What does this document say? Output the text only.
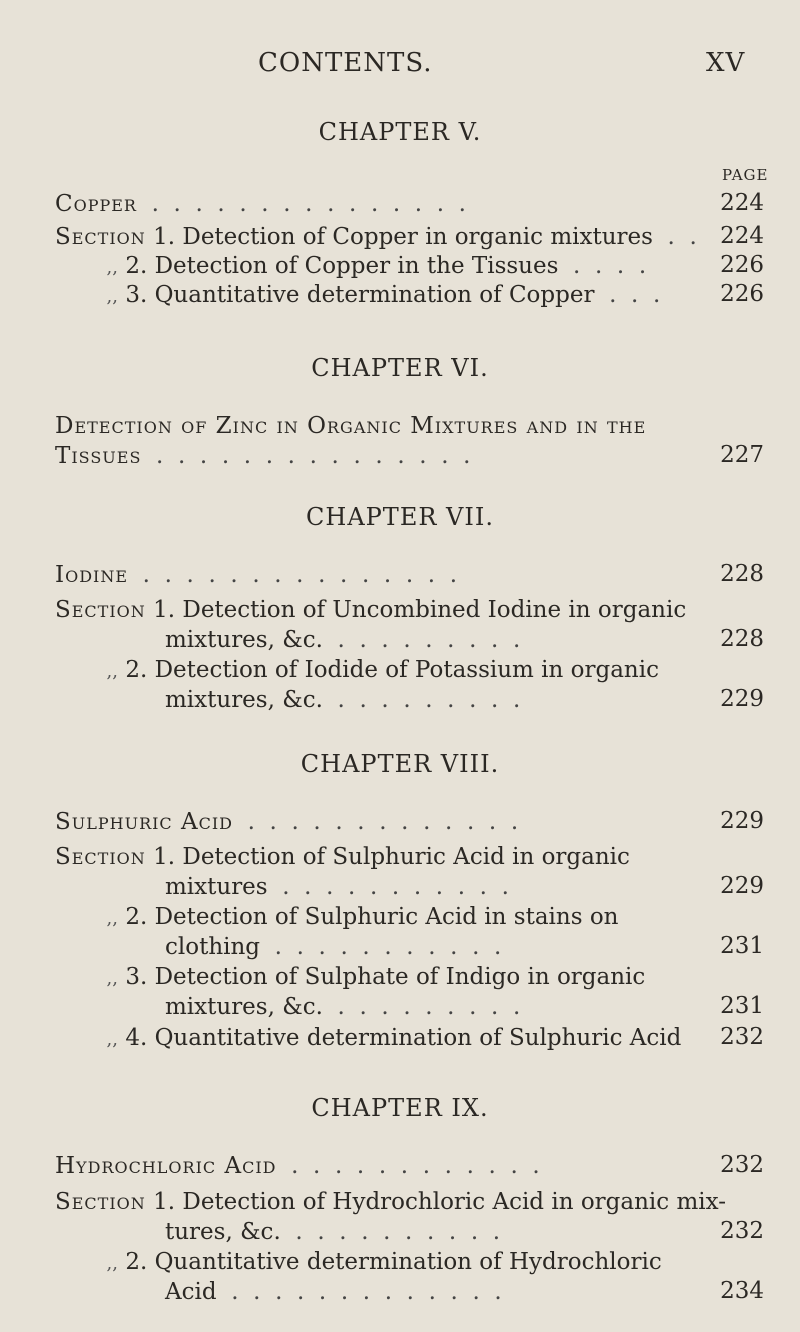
CONTENTS.	XV
CHAPTER V.
PAGE
Copper  .  .  .  .  .  .  .  .  .  .  .  .  .  .  .	224
Section 1. Detection of Copper in organic mixtures  .  .	224
,, 2. Detection of Copper in the Tissues  .  .  .  .	226
,, 3. Quantitative determination of Copper  .  .  .	226
CHAPTER VI.
Detection of Zinc in Organic Mixtures and in the
Tissues  .  .  .  .  .  .  .  .  .  .  .  .  .  .  .	227
CHAPTER VII.
Iodine  .  .  .  .  .  .  .  .  .  .  .  .  .  .  .	228
Section 1. Detection of Uncombined Iodine in organic
mixtures, &c.  .  .  .  .  .  .  .  .  .	228
,, 2. Detection of Iodide of Potassium in organic
mixtures, &c.  .  .  .  .  .  .  .  .  .	229
CHAPTER VIII.
Sulphuric Acid  .  .  .  .  .  .  .  .  .  .  .  .  .	229
Section 1. Detection of Sulphuric Acid in organic
mixtures  .  .  .  .  .  .  .  .  .  .  .	229
,, 2. Detection of Sulphuric Acid in stains on
clothing  .  .  .  .  .  .  .  .  .  .  .	231
,, 3. Detection of Sulphate of Indigo in organic
mixtures, &c.  .  .  .  .  .  .  .  .  .	231
,, 4. Quantitative determination of Sulphuric Acid	232
CHAPTER IX.
Hydrochloric Acid  .  .  .  .  .  .  .  .  .  .  .  .	232
Section 1. Detection of Hydrochloric Acid in organic mix-
tures, &c.  .  .  .  .  .  .  .  .  .  .	232
,, 2. Quantitative determination of Hydrochloric
Acid  .  .  .  .  .  .  .  .  .  .  .  .  .	234
